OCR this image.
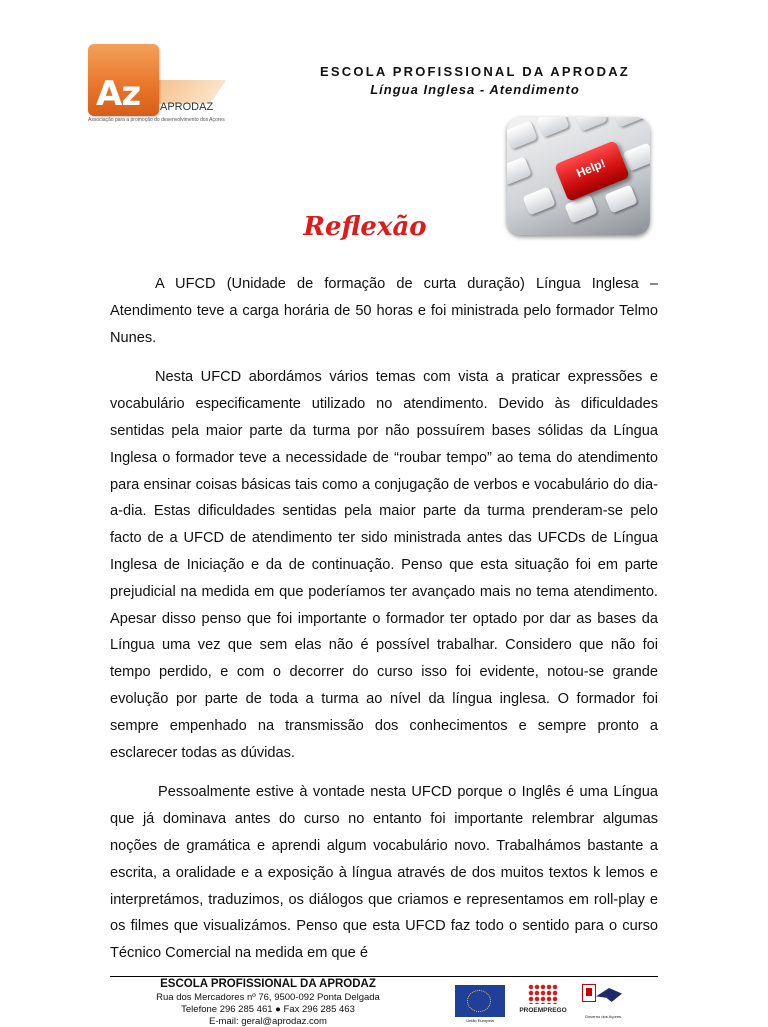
Az APRODAZ
Associação para a promoção do desenvolvimento dos Açores
ESCOLA PROFISSIONAL DA APRODAZ
Língua Inglesa - Atendimento
Help!
Reflexão

A UFCD (Unidade de formação de curta duração) Língua Inglesa – Atendimento teve a carga horária de 50 horas e foi ministrada pelo formador Telmo Nunes.

Nesta UFCD abordámos vários temas com vista a praticar expressões e vocabulário especificamente utilizado no atendimento. Devido às dificuldades sentidas pela maior parte da turma por não possuírem bases sólidas da Língua Inglesa o formador teve a necessidade de “roubar tempo” ao tema do atendimento para ensinar coisas básicas tais como a conjugação de verbos e vocabulário do dia-a-dia. Estas dificuldades sentidas pela maior parte da turma prenderam-se pelo facto de a UFCD de atendimento ter sido ministrada antes das UFCDs de Língua Inglesa de Iniciação e da de continuação. Penso que esta situação foi em parte prejudicial na medida em que poderíamos ter avançado mais no tema atendimento. Apesar disso penso que foi importante o formador ter optado por dar as bases da Língua uma vez que sem elas não é possível trabalhar. Considero que não foi tempo perdido, e com o decorrer do curso isso foi evidente, notou-se grande evolução por parte de toda a turma ao nível da língua inglesa. O formador foi sempre empenhado na transmissão dos conhecimentos e sempre pronto a esclarecer todas as dúvidas.

Pessoalmente estive à vontade nesta UFCD porque o Inglês é uma Língua que já dominava antes do curso no entanto foi importante relembrar algumas noções de gramática e aprendi algum vocabulário novo. Trabalhámos bastante a escrita, a oralidade e a exposição à língua através de dos muitos textos k lemos e interpretámos, traduzimos, os diálogos que criamos e representamos em roll-play e os filmes que visualizámos. Penso que esta UFCD faz todo o sentido para o curso Técnico Comercial na medida em que é

ESCOLA PROFISSIONAL DA APRODAZ
Rua dos Mercadores nº 76, 9500-092 Ponta Delgada
Telefone 296 285 461 ● Fax 296 285 463
E-mail: geral@aprodaz.com	União Europeia
PROEMPREGO
Governo dos Açores
